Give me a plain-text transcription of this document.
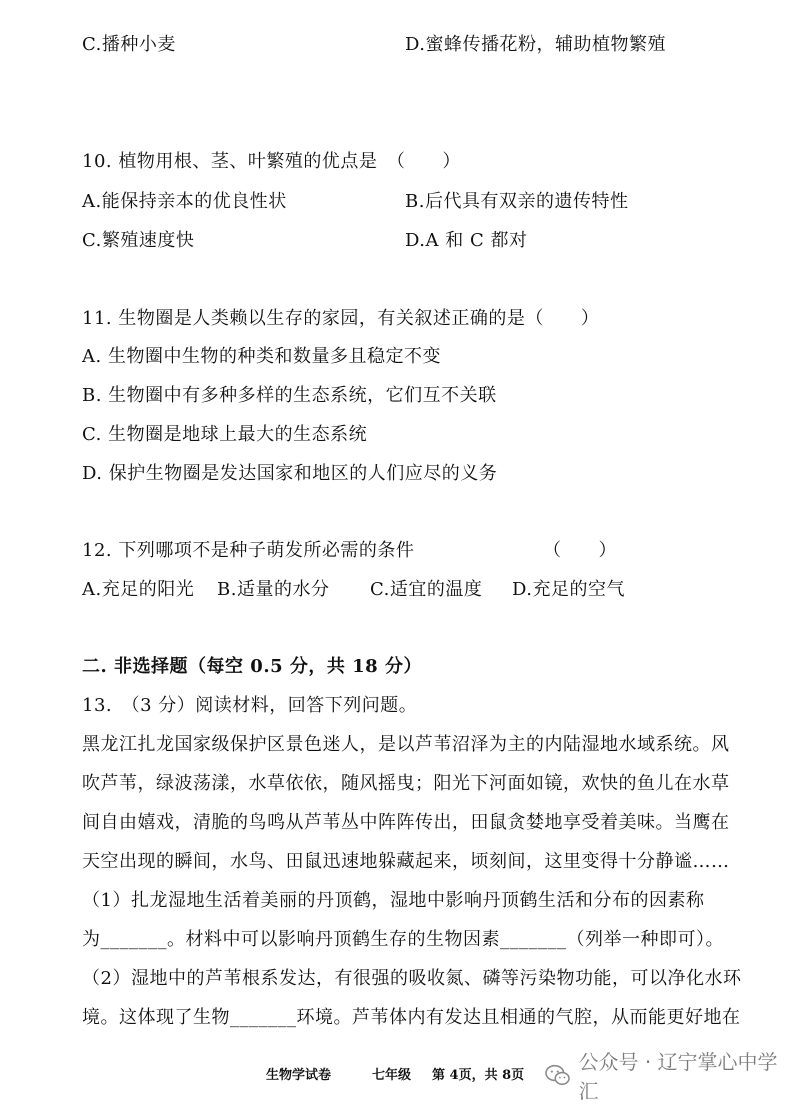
C.播种小麦	D.蜜蜂传播花粉，辅助植物繁殖
10. 植物用根、茎、叶繁殖的优点是　（　　）
A.能保持亲本的优良性状	B.后代具有双亲的遗传特性
C.繁殖速度快	D.A 和 C 都对
11. 生物圈是人类赖以生存的家园，有关叙述正确的是（　　）
A. 生物圈中生物的种类和数量多且稳定不变
B. 生物圈中有多种多样的生态系统，它们互不关联
C. 生物圈是地球上最大的生态系统
D. 保护生物圈是发达国家和地区的人们应尽的义务
12. 下列哪项不是种子萌发所必需的条件	（　　）
A.充足的阳光 B.适量的水分 C.适宜的温度 D.充足的空气
二. 非选择题（每空 0.5 分，共 18 分）
13.　（3 分）阅读材料，回答下列问题。
黑龙江扎龙国家级保护区景色迷人，是以芦苇沼泽为主的内陆湿地水域系统。风
吹芦苇，绿波荡漾，水草依依，随风摇曳；阳光下河面如镜，欢快的鱼儿在水草
间自由嬉戏，清脆的鸟鸣从芦苇丛中阵阵传出，田鼠贪婪地享受着美味。当鹰在
天空出现的瞬间，水鸟、田鼠迅速地躲藏起来，顷刻间，这里变得十分静谧……
（1）扎龙湿地生活着美丽的丹顶鹤，湿地中影响丹顶鹤生活和分布的因素称
为_______。材料中可以影响丹顶鹤生存的生物因素_______（列举一种即可）。
（2）湿地中的芦苇根系发达，有很强的吸收氮、磷等污染物功能，可以净化水环
境。这体现了生物_______环境。芦苇体内有发达且相通的气腔，从而能更好地在
生物学试卷	七年级 第 4页，共 8页
公众号 · 辽宁掌心中学汇
